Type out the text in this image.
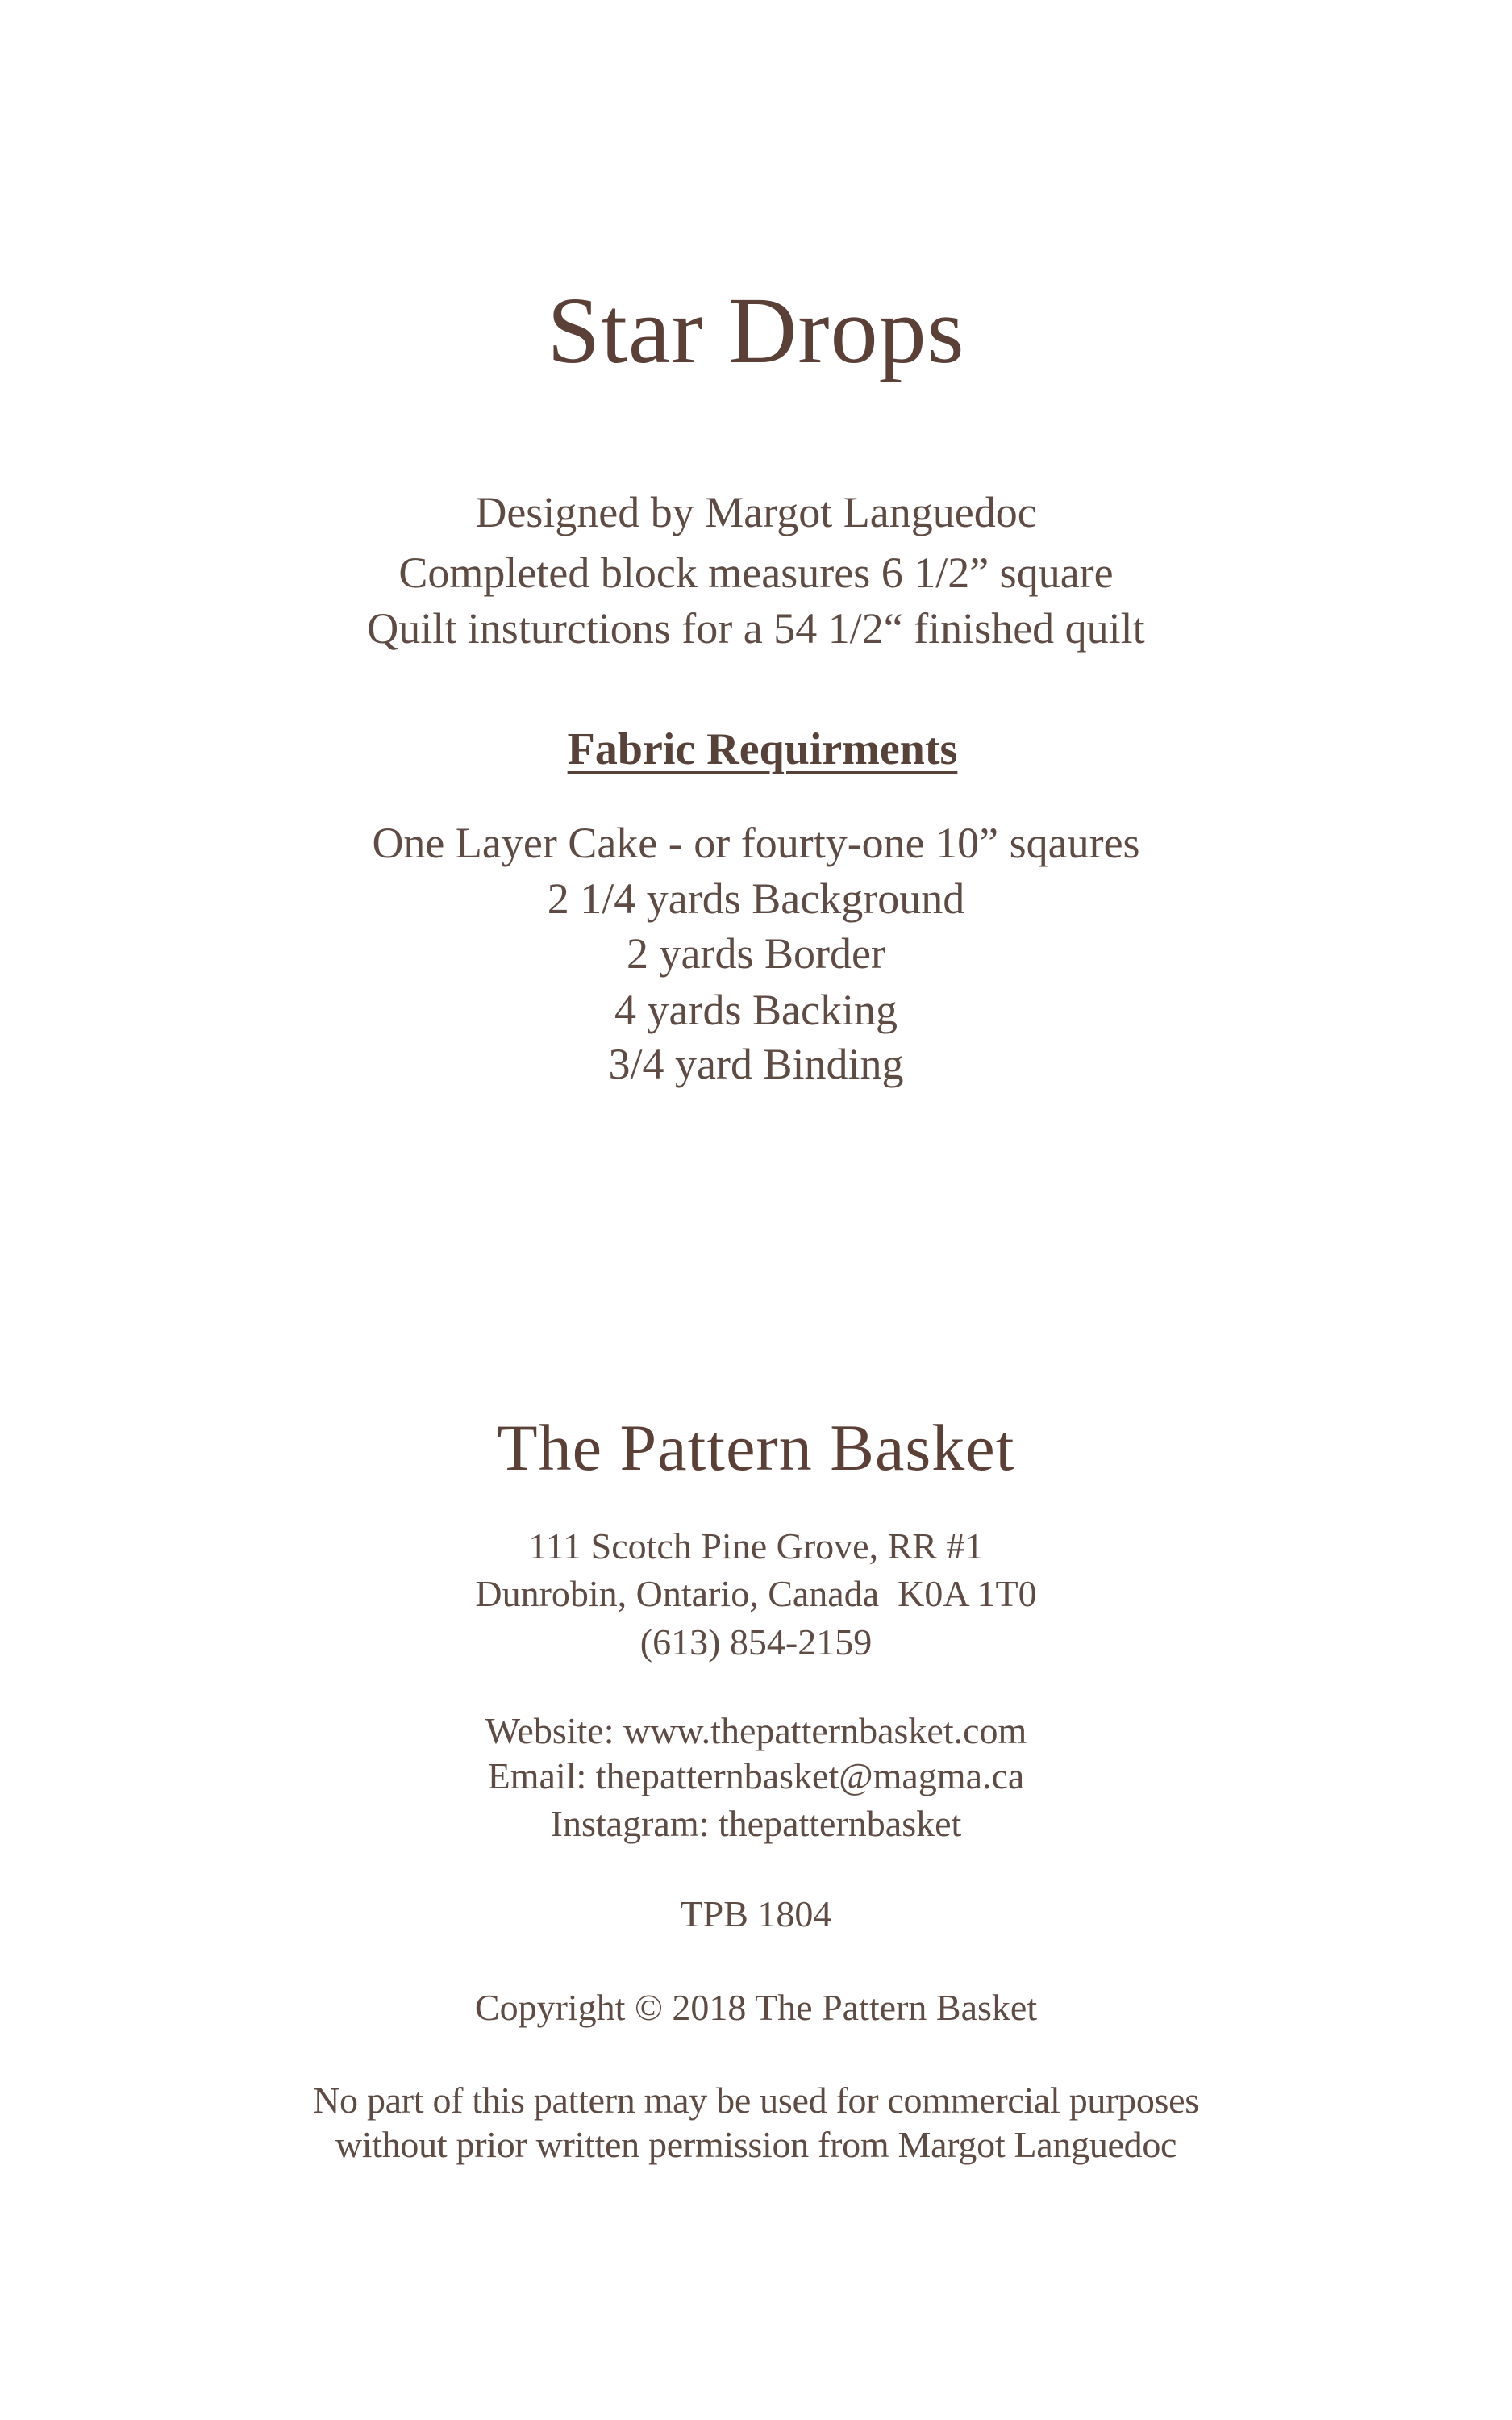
Star Drops
Designed by Margot Languedoc
Completed block measures 6 1/2” square
Quilt insturctions for a 54 1/2“ finished quilt

Fabric Requirments

One Layer Cake - or fourty-one 10” sqaures
2 1/4 yards Background
2 yards Border
4 yards Backing
3/4 yard Binding
The Pattern Basket
111 Scotch Pine Grove, RR #1
Dunrobin, Ontario, Canada  K0A 1T0
(613) 854-2159
Website: www.thepatternbasket.com
Email: thepatternbasket@magma.ca
Instagram: thepatternbasket
TPB 1804
Copyright © 2018 The Pattern Basket
No part of this pattern may be used for commercial purposes
without prior written permission from Margot Languedoc
